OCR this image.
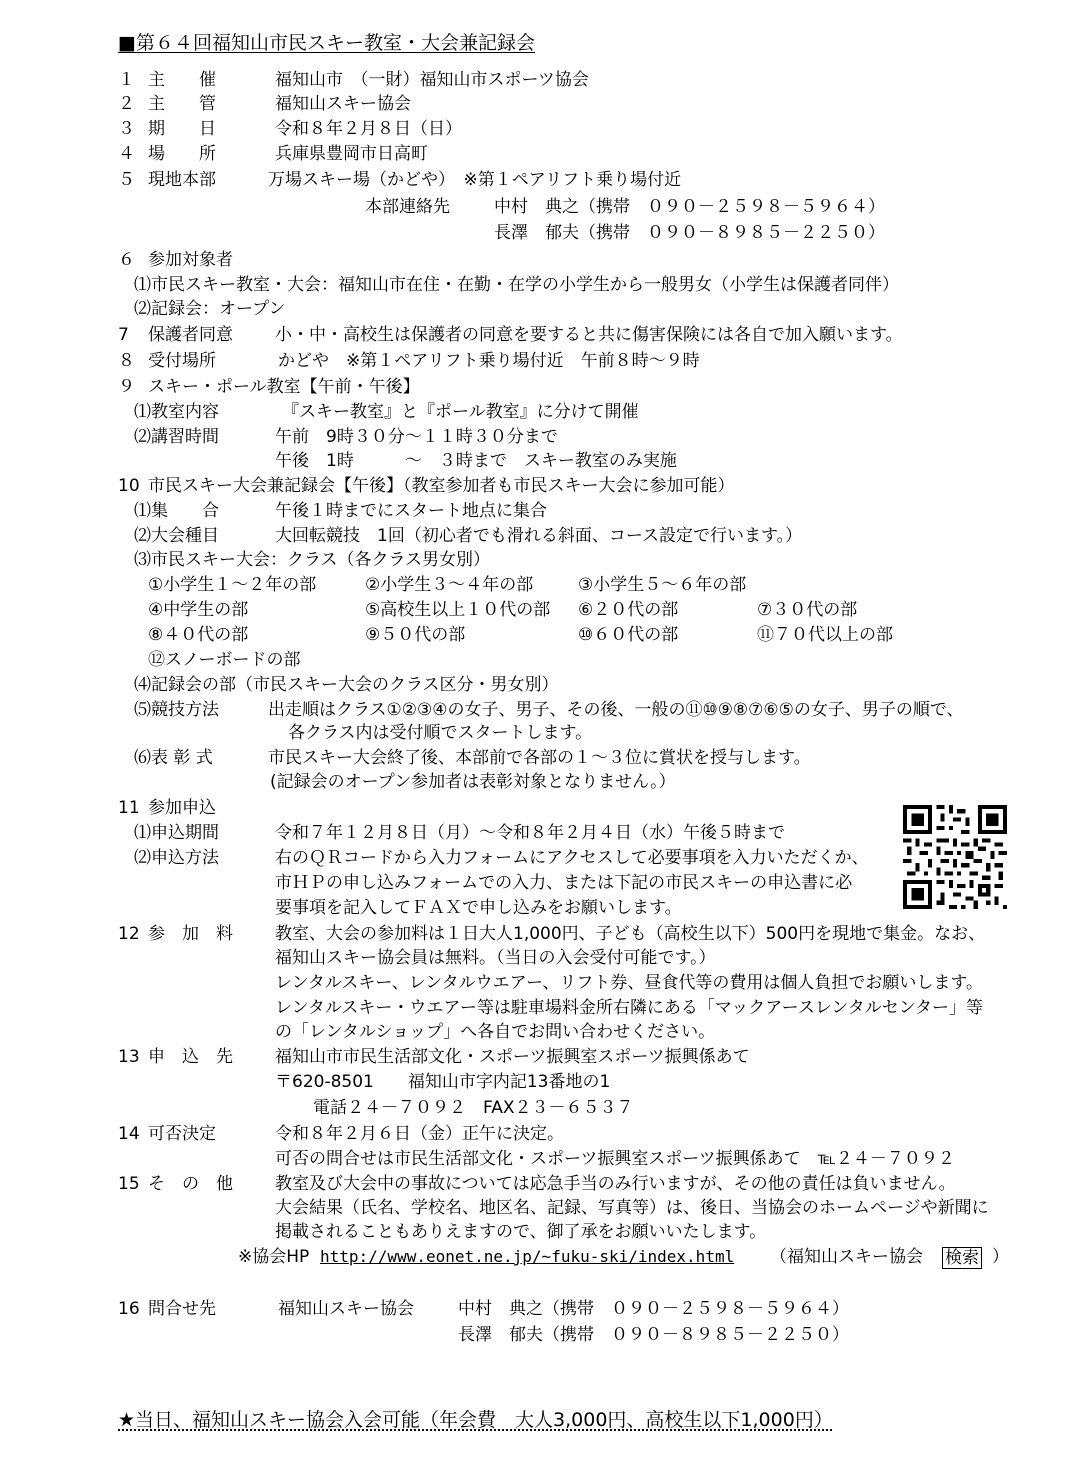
■第６４回福知山市民スキー教室・大会兼記録会
１ 主　　催	福知山市　（一財）福知山市スポーツ協会
２ 主　　管	福知山スキー協会
３ 期　　日	令和８年２月８日（日）
４ 場　　所	兵庫県豊岡市日高町
５ 現地本部	万場スキー場（かどや）　※第１ペアリフト乗り場付近
本部連絡先	中村　典之（携帯　０９０－２５９８－５９６４）
長澤　郁夫（携帯　０９０－８９８５－２２５０）
６ 参加対象者
⑴市民スキー教室・大会：福知山市在住・在勤・在学の小学生から一般男女（小学生は保護者同伴）
⑵記録会：オープン
7 保護者同意 小・中・高校生は保護者の同意を要すると共に傷害保険には各自で加入願います。
８ 受付場所	かどや　※第１ペアリフト乗り場付近　午前８時～９時
９ スキー・ポール教室【午前・午後】
⑴教室内容	『スキー教室』と『ポール教室』に分けて開催
⑵講習時間	午前　9時３０分～１１時３０分まで
午後　1時　　　～　３時まで　スキー教室のみ実施
10 市民スキー大会兼記録会【午後】（教室参加者も市民スキー大会に参加可能）
⑴集　　合	午後１時までにスタート地点に集合
⑵大会種目	大回転競技　1回（初心者でも滑れる斜面、コース設定で行います。）
⑶市民スキー大会：クラス（各クラス男女別）
①小学生１～２年の部	②小学生３～４年の部	③小学生５～６年の部
④中学生の部	⑤高校生以上１０代の部 ⑥２０代の部	⑦３０代の部
⑧４０代の部	⑨５０代の部	⑩６０代の部	⑪７０代以上の部
⑫スノーボードの部
⑷記録会の部（市民スキー大会のクラス区分・男女別）
⑸競技方法	出走順はクラス①②③④の女子、男子、その後、一般の⑪⑩⑨⑧⑦⑥⑤の女子、男子の順で、
各クラス内は受付順でスタートします。
⑹表 彰 式	市民スキー大会終了後、本部前で各部の１～３位に賞状を授与します。
(記録会のオープン参加者は表彰対象となりません。）
11 参加申込
⑴申込期間	令和７年１２月８日（月）～令和８年２月４日（水）午後５時まで
⑵申込方法	右のＱＲコードから入力フォームにアクセスして必要事項を入力いただくか、
市ＨＰの申し込みフォームでの入力、または下記の市民スキーの申込書に必
要事項を記入してＦＡＸで申し込みをお願いします。
12 参　加　料 教室、大会の参加料は１日大人1,000円、子ども（高校生以下）500円を現地で集金。なお、
福知山スキー協会員は無料。（当日の入会受付可能です。）
レンタルスキー、レンタルウエアー、リフト券、昼食代等の費用は個人負担でお願いします。
レンタルスキー・ウエアー等は駐車場料金所右隣にある「マックアースレンタルセンター」等
の「レンタルショップ」へ各自でお問い合わせください。
13 申　込　先 福知山市市民生活部文化・スポーツ振興室スポーツ振興係あて
〒620-8501　　福知山市字内記13番地の1
電話２４－７０９２　FAX２３－６５３７
14 可否決定	令和８年２月６日（金）正午に決定。
可否の問合せは市民生活部文化・スポーツ振興室スポーツ振興係あて　℡２４－７０９２
15 そ　の　他 教室及び大会中の事故については応急手当のみ行いますが、その他の責任は負いません。
大会結果（氏名、学校名、地区名、記録、写真等）は、後日、当協会のホームページや新聞に
掲載されることもありえますので、御了承をお願いいたします。
※協会HP http://www.eonet.ne.jp/~fuku-ski/index.html （福知山スキー協会 検索 ）
16 問合せ先	福知山スキー協会	中村　典之（携帯　０９０－２５９８－５９６４）
長澤　郁夫（携帯　０９０－８９８５－２２５０）
★当日、福知山スキー協会入会可能（年会費　大人3,000円、高校生以下1,000円）
